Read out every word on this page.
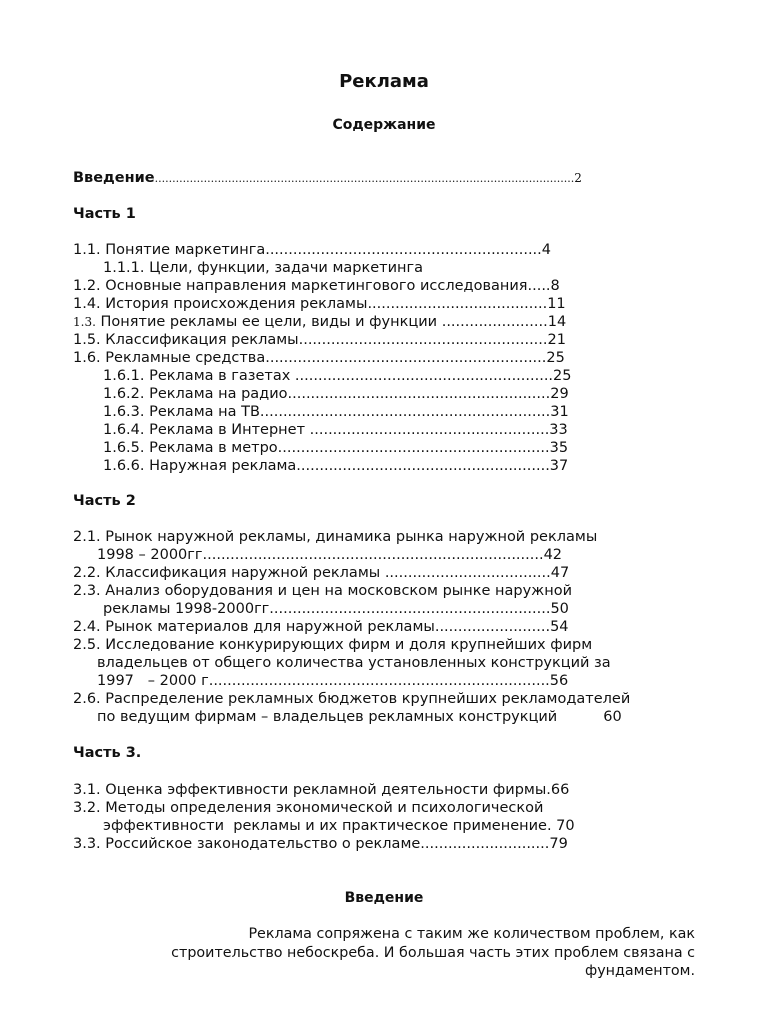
Реклама
Содержание
Введение........................................................................................................................2
Часть 1
1.1. Понятие маркетинга............................................................4
1.1.1. Цели, функции, задачи маркетинга
1.2. Основные направления маркетингового исследования.....8
1.4. История происхождения рекламы.......................................11
1.3. Понятие рекламы ее цели, виды и функции .......................14
1.5. Классификация рекламы......................................................21
1.6. Рекламные средства.............................................................25
1.6.1. Реклама в газетах ........................................................25
1.6.2. Реклама на радио.........................................................29
1.6.3. Реклама на ТВ...............................................................31
1.6.4. Реклама в Интернет ....................................................33
1.6.5. Реклама в метро...........................................................35
1.6.6. Наружная реклама.......................................................37
Часть 2
2.1. Рынок наружной рекламы, динамика рынка наружной рекламы
1998 – 2000гг..........................................................................42
2.2. Классификация наружной рекламы ....................................47
2.3. Анализ оборудования и цен на московском рынке наружной
рекламы 1998-2000гг.............................................................50
2.4. Рынок материалов для наружной рекламы.........................54
2.5. Исследование конкурирующих фирм и доля крупнейших фирм
владельцев от общего количества установленных конструкций за
1997   – 2000 г..........................................................................56
2.6. Распределение рекламных бюджетов крупнейших рекламодателей
по ведущим фирмам – владельцев рекламных конструкций          60
Часть 3.
3.1. Оценка эффективности рекламной деятельности фирмы.66
3.2. Методы определения экономической и психологической
эффективности  рекламы и их практическое применение. 70
3.3. Российское законодательство о рекламе............................79
Введение
Реклама сопряжена с таким же количеством проблем, как
строительство небоскреба. И большая часть этих проблем связана с
фундаментом.
